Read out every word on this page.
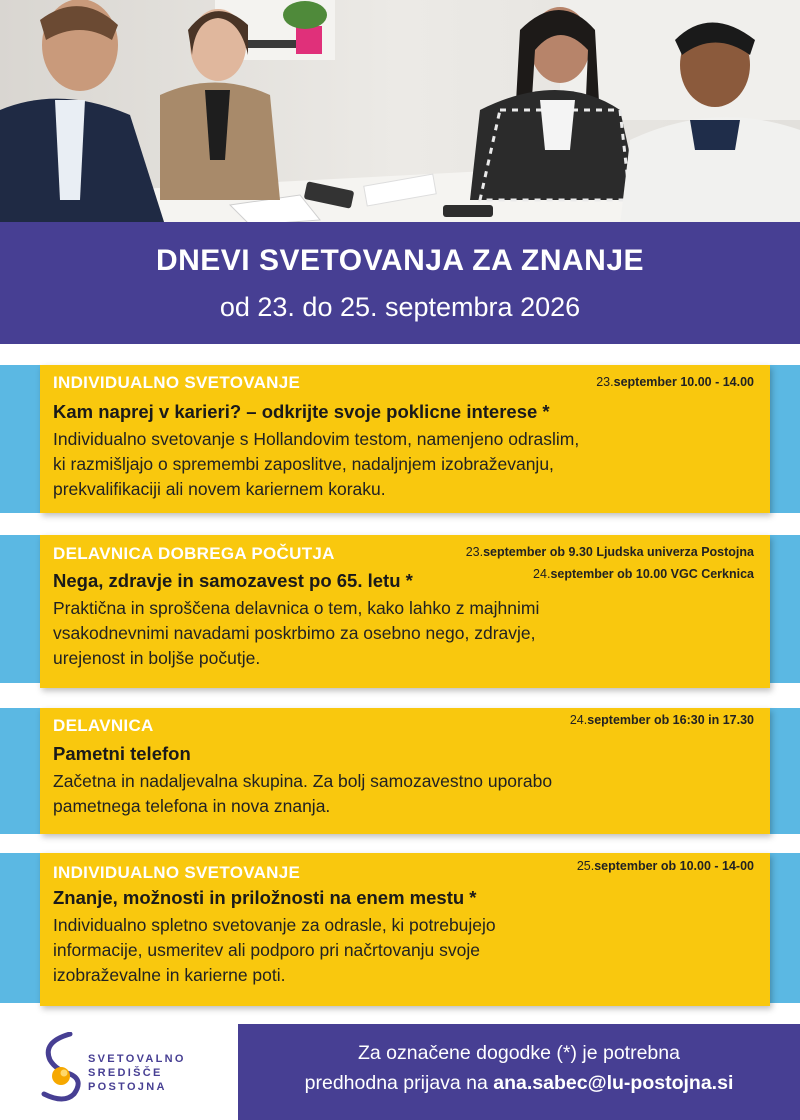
DNEVI SVETOVANJA ZA ZNANJE
od 23. do 25. septembra 2026
INDIVIDUALNO SVETOVANJE	23.september 10.00 - 14.00
Kam naprej v karieri? – odkrijte svoje poklicne interese *
Individualno svetovanje s Hollandovim testom, namenjeno odraslim,
ki razmišljajo o spremembi zaposlitve, nadaljnjem izobraževanju,
prekvalifikaciji ali novem kariernem koraku.
DELAVNICA DOBREGA POČUTJA	23.september ob 9.30 Ljudska univerza Postojna
Nega, zdravje in samozavest po 65. letu *	24.september ob 10.00 VGC Cerknica
Praktična in sproščena delavnica o tem, kako lahko z majhnimi
vsakodnevnimi navadami poskrbimo za osebno nego, zdravje,
urejenost in boljše počutje.
DELAVNICA	24.september ob 16:30 in 17.30
Pametni telefon
Začetna in nadaljevalna skupina. Za bolj samozavestno uporabo
pametnega telefona in nova znanja.
INDIVIDUALNO SVETOVANJE	25.september ob 10.00 - 14-00
Znanje, možnosti in priložnosti na enem mestu *
Individualno spletno svetovanje za odrasle, ki potrebujejo
informacije, usmeritev ali podporo pri načrtovanju svoje
izobraževalne in karierne poti.
SVETOVALNO
SREDIŠČE
POSTOJNA
Za označene dogodke (*) je potrebna
predhodna prijava na ana.sabec@lu-postojna.si
